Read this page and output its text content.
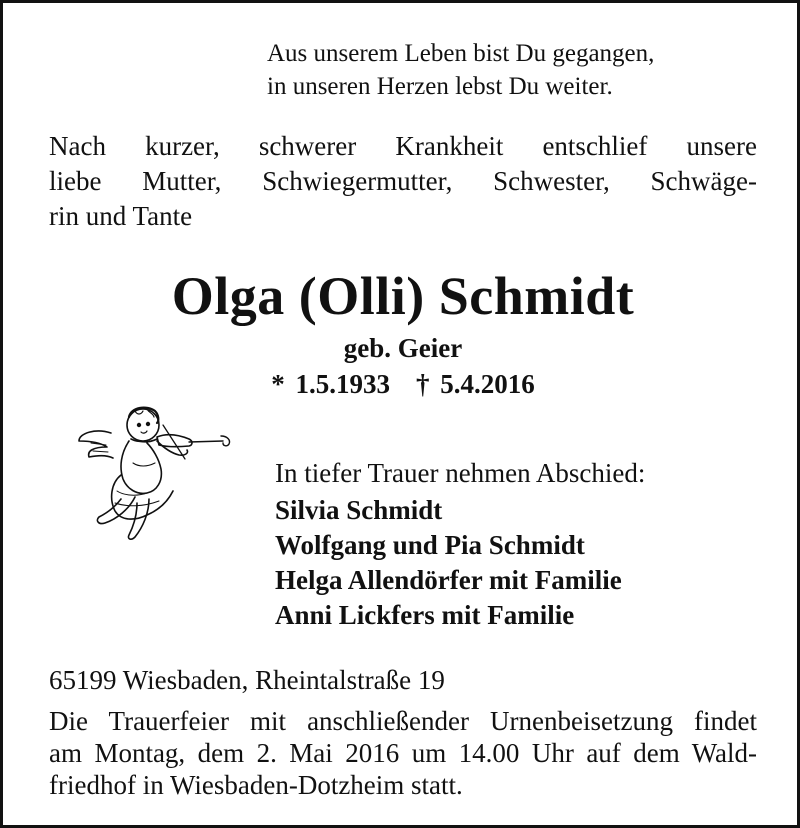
Aus unserem Leben bist Du gegangen,
in unseren Herzen lebst Du weiter.
Nach kurzer, schwerer Krankheit entschlief unsere
liebe Mutter, Schwiegermutter, Schwester, Schwäge-
rin und Tante
Olga (Olli) Schmidt
geb. Geier
* 1.5.1933 † 5.4.2016
In tiefer Trauer nehmen Abschied:
Silvia Schmidt
Wolfgang und Pia Schmidt
Helga Allendörfer mit Familie
Anni Lickfers mit Familie
65199 Wiesbaden, Rheintalstraße 19
Die Trauerfeier mit anschließender Urnenbeisetzung findet
am Montag, dem 2. Mai 2016 um 14.00 Uhr auf dem Wald-
friedhof in Wiesbaden-Dotzheim statt.
